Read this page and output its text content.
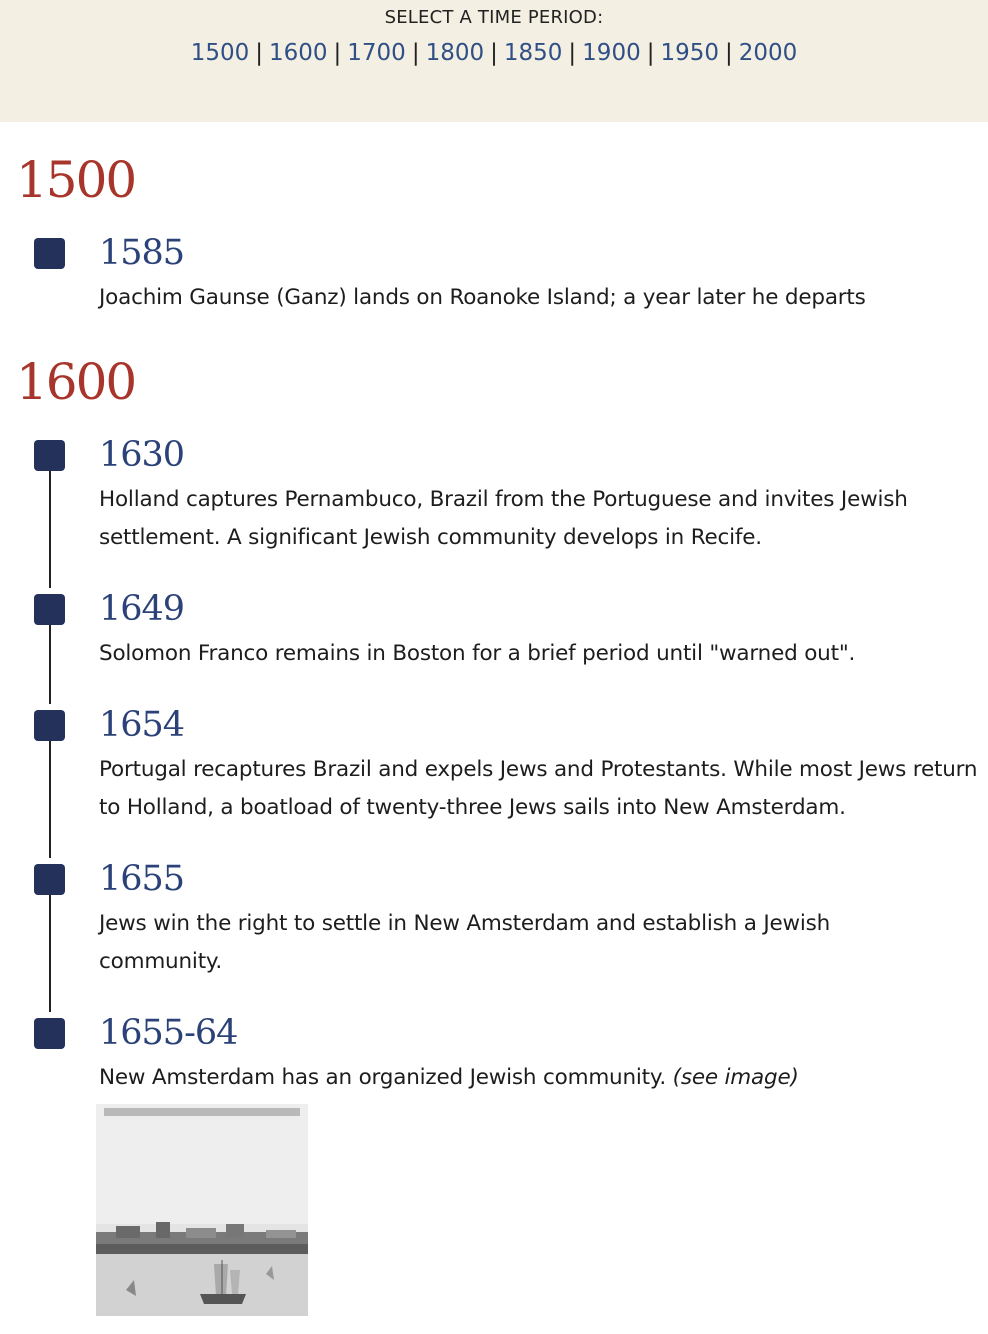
SELECT A TIME PERIOD:
1500 | 1600 | 1700 | 1800 | 1850 | 1900 | 1950 | 2000
1500
1585

Joachim Gaunse (Ganz) lands on Roanoke Island; a year later he departs

1600
1630

Holland captures Pernambuco, Brazil from the Portuguese and invites Jewish settlement. A significant Jewish community develops in Recife.

1649

Solomon Franco remains in Boston for a brief period until "warned out".

1654

Portugal recaptures Brazil and expels Jews and Protestants. While most Jews return to Holland, a boatload of twenty-three Jews sails into New Amsterdam.

1655

Jews win the right to settle in New Amsterdam and establish a Jewish community.

1655-64

New Amsterdam has an organized Jewish community. (see image)
